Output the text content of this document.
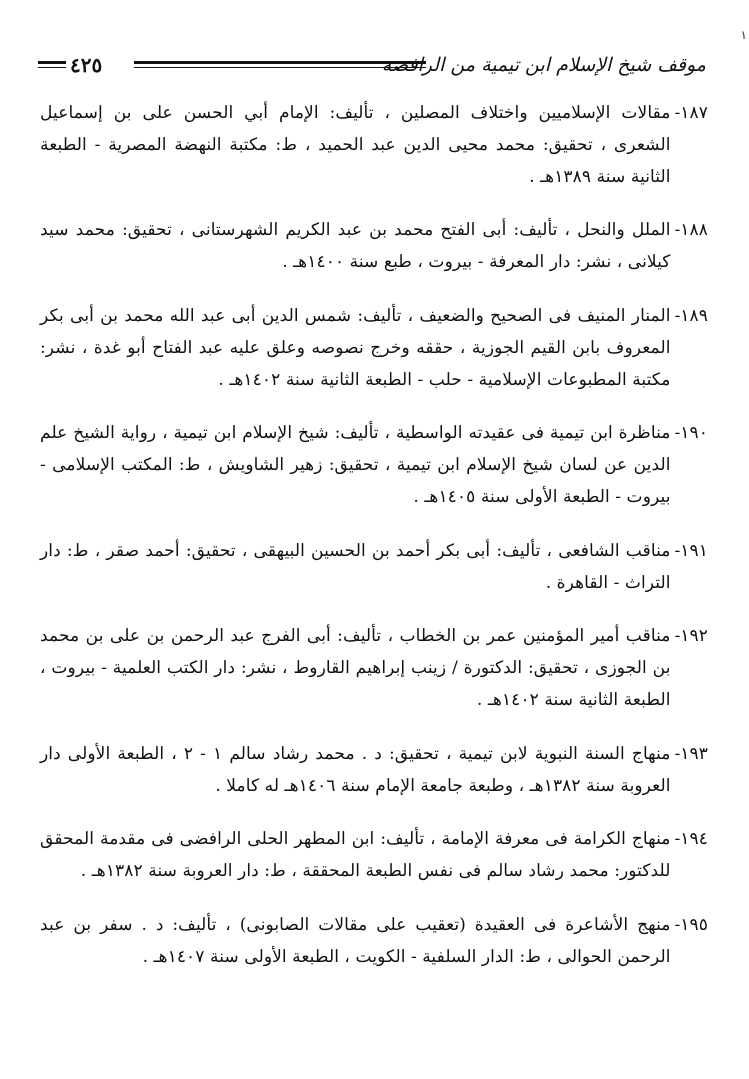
١
موقف شيخ الإسلام ابن تيمية من الرافضة
٤٢٥
١٨٧-
مقالات الإسلاميين واختلاف المصلين ، تأليف: الإمام أبي الحسن على بن إسماعيل الشعرى ، تحقيق: محمد محيى الدين عبد الحميد ، ط: مكتبة النهضة المصرية - الطبعة الثانية سنة ١٣٨٩هـ .
١٨٨-
الملل والنحل ، تأليف: أبى الفتح محمد بن عبد الكريم الشهرستانى ، تحقيق: محمد سيد كيلانى ، نشر: دار المعرفة - بيروت ، طبع سنة ١٤٠٠هـ .
١٨٩-
المنار المنيف فى الصحيح والضعيف ، تأليف: شمس الدين أبى عبد الله محمد بن أبى بكر المعروف بابن القيم الجوزية ، حققه وخرج نصوصه وعلق عليه عبد الفتاح أبو غدة ، نشر: مكتبة المطبوعات الإسلامية - حلب - الطبعة الثانية سنة ١٤٠٢هـ .
١٩٠-
مناظرة ابن تيمية فى عقيدته الواسطية ، تأليف: شيخ الإسلام ابن تيمية ، رواية الشيخ علم الدين عن لسان شيخ الإسلام ابن تيمية ، تحقيق: زهير الشاويش ، ط: المكتب الإسلامى - بيروت - الطبعة الأولى سنة ١٤٠٥هـ .
١٩١-
مناقب الشافعى ، تأليف: أبى بكر أحمد بن الحسين البيهقى ، تحقيق: أحمد صقر ، ط: دار التراث - القاهرة .
١٩٢-
مناقب أمير المؤمنين عمر بن الخطاب ، تأليف: أبى الفرج عبد الرحمن بن على بن محمد بن الجوزى ، تحقيق: الدكتورة / زينب إبراهيم القاروط ، نشر: دار الكتب العلمية - بيروت ، الطبعة الثانية سنة ١٤٠٢هـ .
١٩٣-
منهاج السنة النبوية لابن تيمية ، تحقيق: د . محمد رشاد سالم ١ - ٢ ، الطبعة الأولى دار العروبة سنة ١٣٨٢هـ ، وطبعة جامعة الإمام سنة ١٤٠٦هـ له كاملا .
١٩٤-
منهاج الكرامة فى معرفة الإمامة ، تأليف: ابن المطهر الحلى الرافضى فى مقدمة المحقق للدكتور: محمد رشاد سالم فى نفس الطبعة المحققة ، ط: دار العروبة سنة ١٣٨٢هـ .
١٩٥-
منهج الأشاعرة فى العقيدة (تعقيب على مقالات الصابونى) ، تأليف: د . سفر بن عبد الرحمن الحوالى ، ط: الدار السلفية - الكويت ، الطبعة الأولى سنة ١٤٠٧هـ .
